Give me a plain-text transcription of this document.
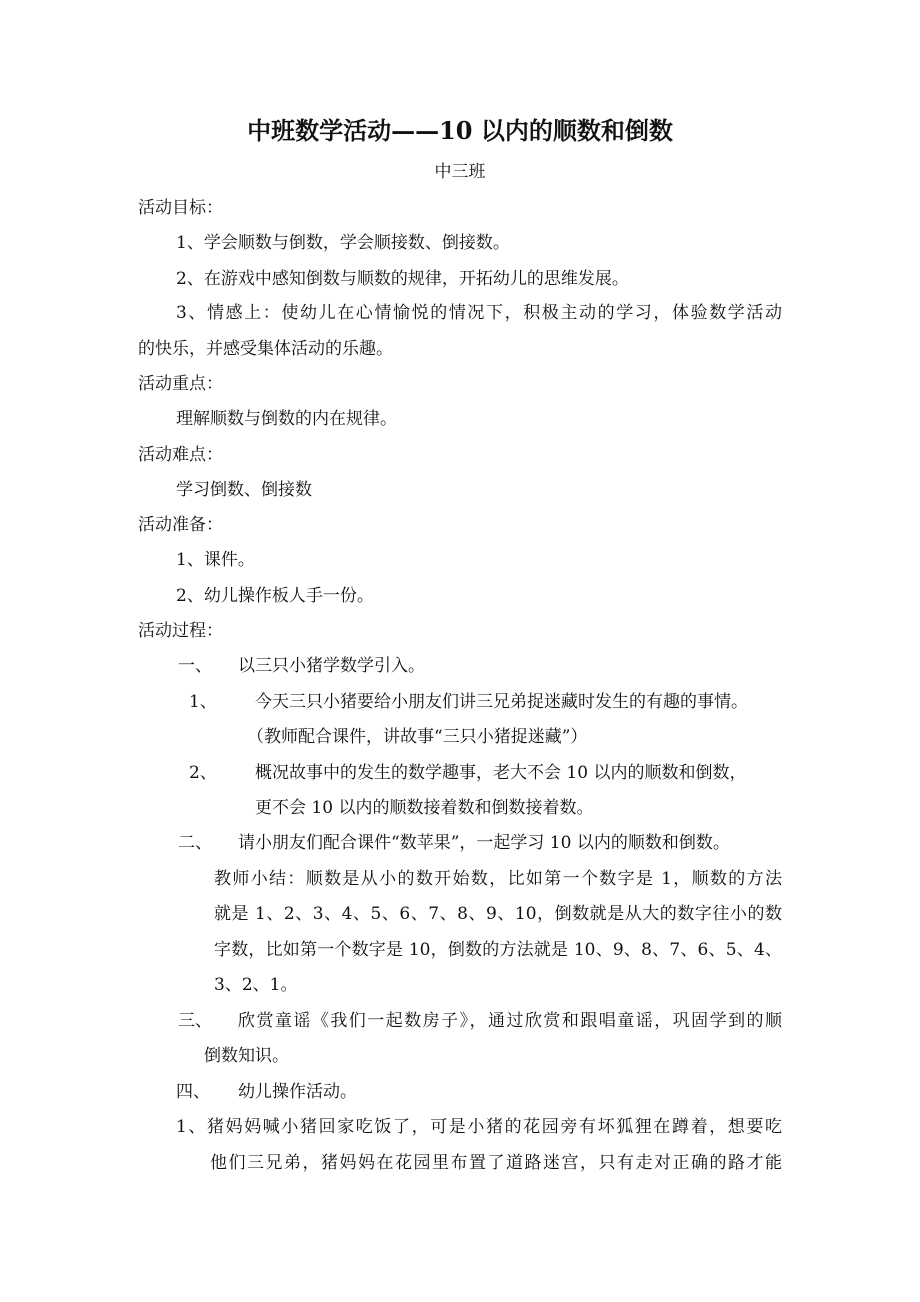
中班数学活动——10 以内的顺数和倒数
中三班
活动目标：
1、学会顺数与倒数，学会顺接数、倒接数。
2、在游戏中感知倒数与顺数的规律，开拓幼儿的思维发展。
3、情感上：使幼儿在心情愉悦的情况下，积极主动的学习，体验数学活动
的快乐，并感受集体活动的乐趣。
活动重点：
理解顺数与倒数的内在规律。
活动难点：
学习倒数、倒接数
活动准备：
1、课件。
2、幼儿操作板人手一份。
活动过程：
一、 以三只小猪学数学引入。
1、 今天三只小猪要给小朋友们讲三兄弟捉迷藏时发生的有趣的事情。
（教师配合课件，讲故事“三只小猪捉迷藏”）
2、 概况故事中的发生的数学趣事，老大不会 10 以内的顺数和倒数，
更不会 10 以内的顺数接着数和倒数接着数。
二、 请小朋友们配合课件“数苹果”，一起学习 10 以内的顺数和倒数。
教师小结：顺数是从小的数开始数，比如第一个数字是 1，顺数的方法
就是 1、2、3、4、5、6、7、8、9、10，倒数就是从大的数字往小的数
字数，比如第一个数字是 10，倒数的方法就是 10、9、8、7、6、5、4、
3、2、1。
三、 欣赏童谣《我们一起数房子》，通过欣赏和跟唱童谣，巩固学到的顺
倒数知识。
四、 幼儿操作活动。
1、猪妈妈喊小猪回家吃饭了，可是小猪的花园旁有坏狐狸在蹲着，想要吃
他们三兄弟，猪妈妈在花园里布置了道路迷宫，只有走对正确的路才能
